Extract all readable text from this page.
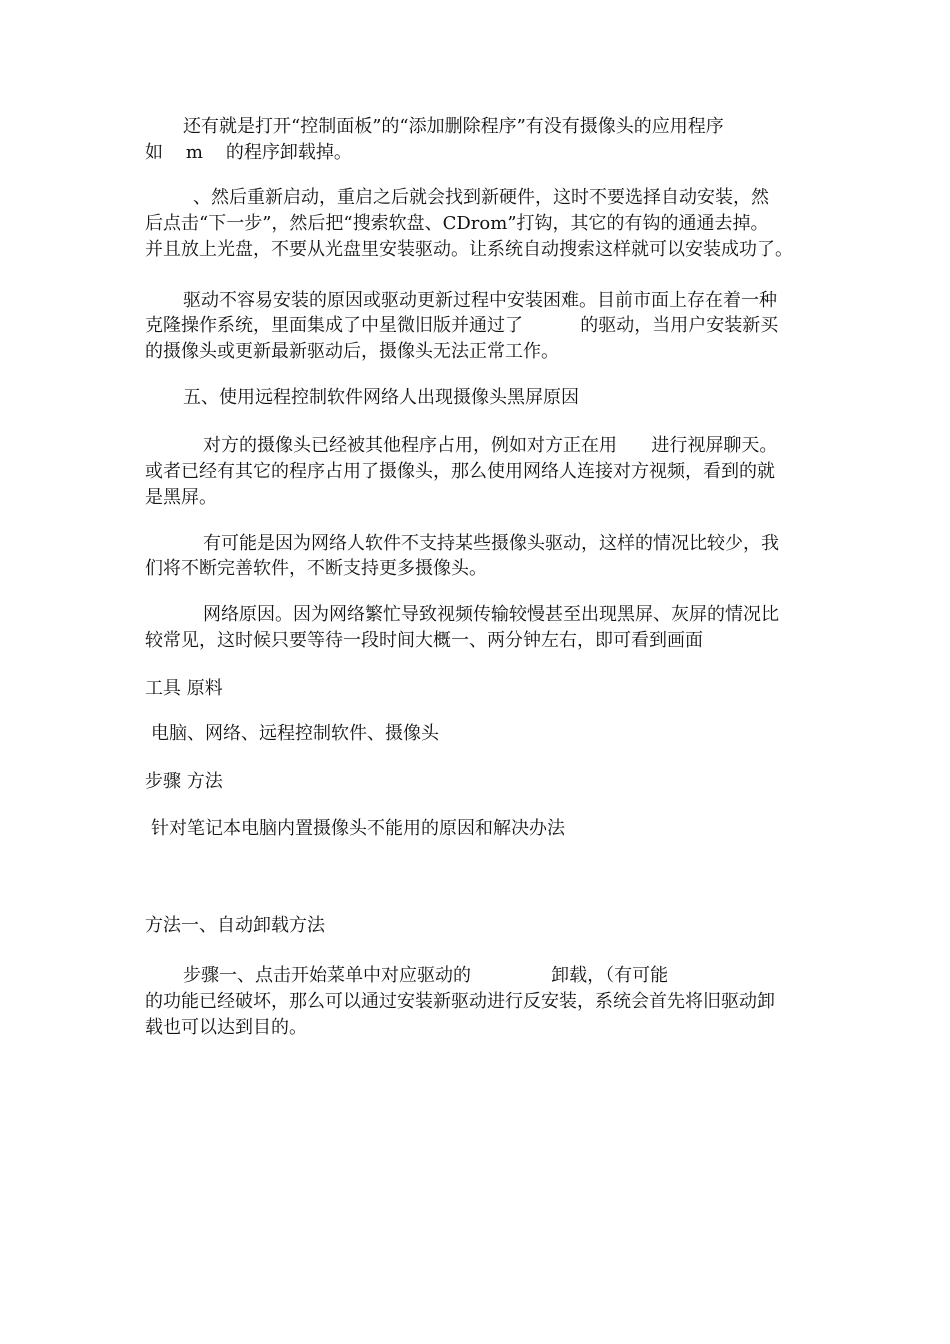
还有就是打开“控制面板”的“添加删除程序”有没有摄像头的应用程序

如    m    的程序卸载掉。

、然后重新启动，重启之后就会找到新硬件，这时不要选择自动安装，然

后点击“下一步”，然后把“搜索软盘、CDrom”打钩，其它的有钩的通通去掉。

并且放上光盘，不要从光盘里安装驱动。让系统自动搜索这样就可以安装成功了。

驱动不容易安装的原因或驱动更新过程中安装困难。目前市面上存在着一种

克隆操作系统，里面集成了中星微旧版并通过了          的驱动，当用户安装新买

的摄像头或更新最新驱动后，摄像头无法正常工作。

五、使用远程控制软件网络人出现摄像头黑屏原因

对方的摄像头已经被其他程序占用，例如对方正在用      进行视屏聊天。

或者已经有其它的程序占用了摄像头，那么使用网络人连接对方视频，看到的就

是黑屏。

有可能是因为网络人软件不支持某些摄像头驱动，这样的情况比较少，我

们将不断完善软件，不断支持更多摄像头。

网络原因。因为网络繁忙导致视频传输较慢甚至出现黑屏、灰屏的情况比

较常见，这时候只要等待一段时间大概一、两分钟左右，即可看到画面

工具 原料

电脑、网络、远程控制软件、摄像头

步骤 方法

针对笔记本电脑内置摄像头不能用的原因和解决办法

方法一、自动卸载方法

步骤一、点击开始菜单中对应驱动的              卸载，（有可能

的功能已经破坏，那么可以通过安装新驱动进行反安装，系统会首先将旧驱动卸

载也可以达到目的。
